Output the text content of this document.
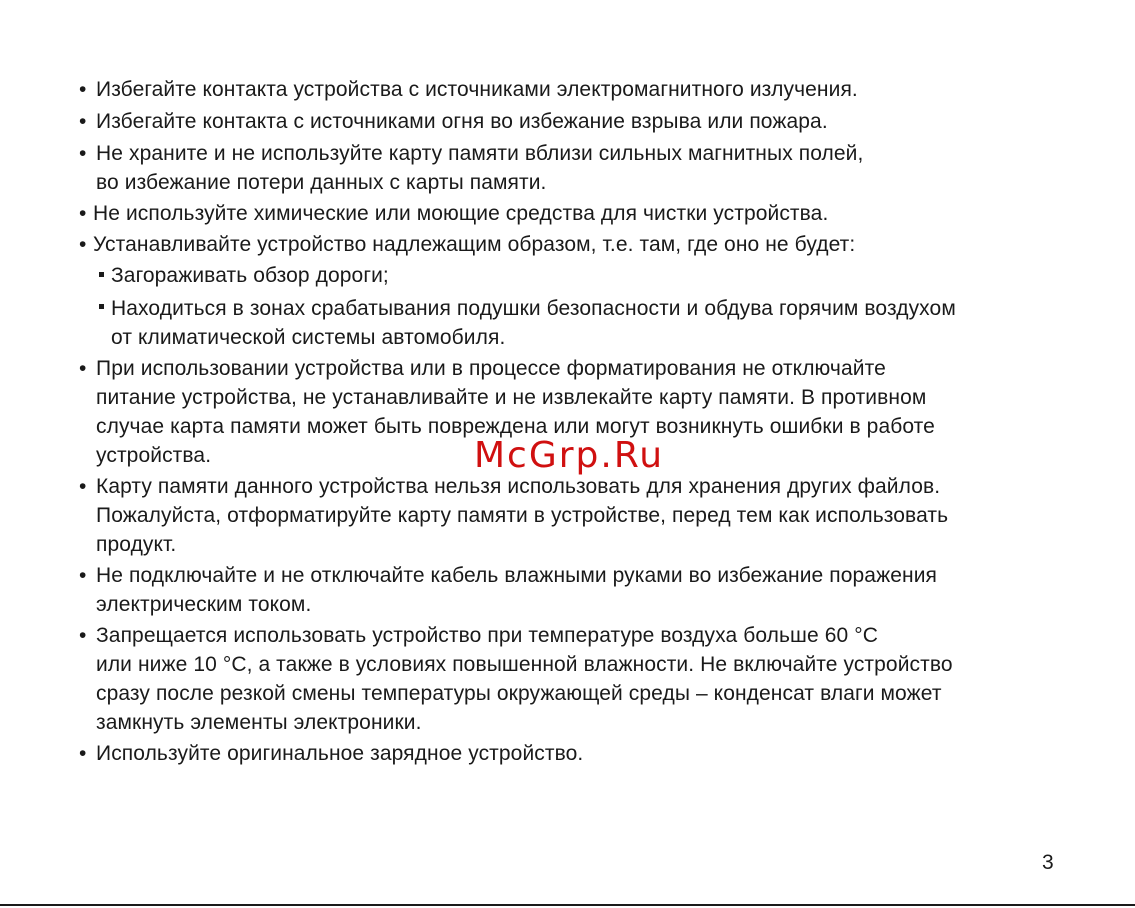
• Избегайте контакта устройства с источниками электромагнитного излучения.
• Избегайте контакта с источниками огня во избежание взрыва или пожара.
• Не храните и не используйте карту памяти вблизи сильных магнитных полей,
во избежание потери данных с карты памяти.
• Не используйте химические или моющие средства для чистки устройства.
• Устанавливайте устройство надлежащим образом, т.е. там, где оно не будет:
Загораживать обзор дороги;
Находиться в зонах срабатывания подушки безопасности и обдува горячим воздухом
от климатической системы автомобиля.
• При использовании устройства или в процессе форматирования не отключайте
питание устройства, не устанавливайте и не извлекайте карту памяти. В противном
случае карта памяти может быть повреждена или могут возникнуть ошибки в работе
устройства.
• Карту памяти данного устройства нельзя использовать для хранения других файлов.
Пожалуйста, отформатируйте карту памяти в устройстве, перед тем как использовать
продукт.
• Не подключайте и не отключайте кабель влажными руками во избежание поражения
электрическим током.
• Запрещается использовать устройство при температуре воздуха больше 60 °C
или ниже 10 °C, а также в условиях повышенной влажности. Не включайте устройство
сразу после резкой смены температуры окружающей среды – конденсат влаги может
замкнуть элементы электроники.
• Используйте оригинальное зарядное устройство.
McGrp.Ru
3
